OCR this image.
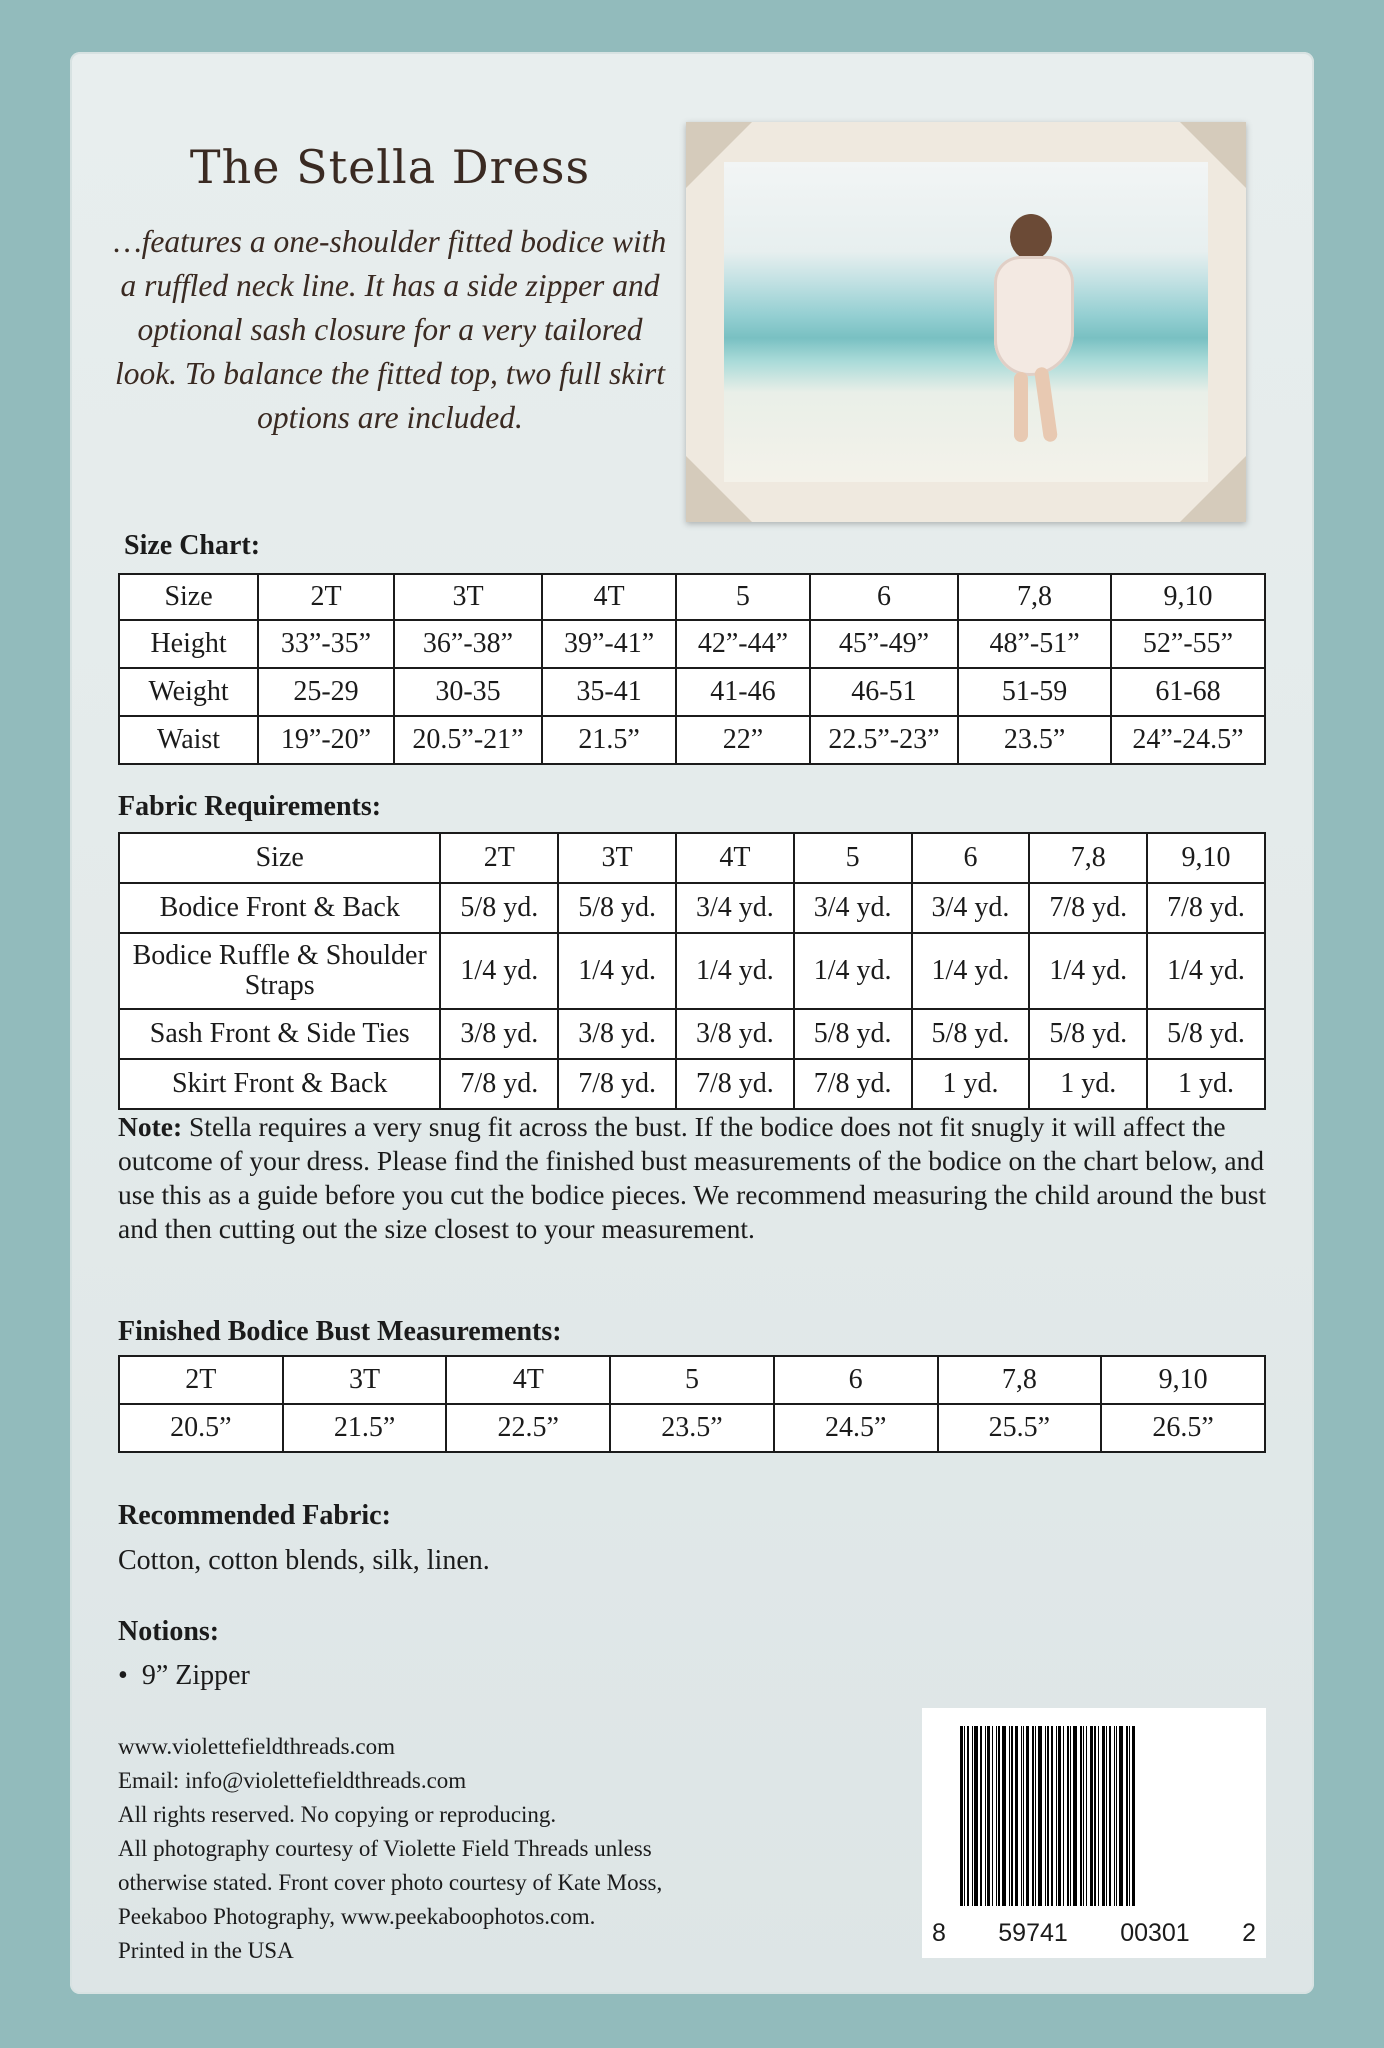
The Stella Dress
…features a one-shoulder fitted bodice with a ruffled neck line. It has a side zipper and optional sash closure for a very tailored look. To balance the fitted top, two full skirt options are included.
Size Chart:
Size	2T	3T	4T	5	6	7,8	9,10
Height	33”-35”	36”-38”	39”-41”	42”-44”	45”-49”	48”-51”	52”-55”
Weight	25-29	30-35	35-41	41-46	46-51	51-59	61-68
Waist	19”-20”	20.5”-21”	21.5”	22”	22.5”-23”	23.5”	24”-24.5”
Fabric Requirements:
Size	2T	3T	4T	5	6	7,8	9,10
Bodice Front & Back	5/8 yd.	5/8 yd.	3/4 yd.	3/4 yd.	3/4 yd.	7/8 yd.	7/8 yd.
Bodice Ruffle & Shoulder Straps	1/4 yd.	1/4 yd.	1/4 yd.	1/4 yd.	1/4 yd.	1/4 yd.	1/4 yd.
Sash Front & Side Ties	3/8 yd.	3/8 yd.	3/8 yd.	5/8 yd.	5/8 yd.	5/8 yd.	5/8 yd.
Skirt Front & Back	7/8 yd.	7/8 yd.	7/8 yd.	7/8 yd.	1 yd.	1 yd.	1 yd.
Note: Stella requires a very snug fit across the bust. If the bodice does not fit snugly it will affect the outcome of your dress. Please find the finished bust measurements of the bodice on the chart below, and use this as a guide before you cut the bodice pieces. We recommend measuring the child around the bust and then cutting out the size closest to your measurement.
Finished Bodice Bust Measurements:
2T	3T	4T	5	6	7,8	9,10
20.5”	21.5”	22.5”	23.5”	24.5”	25.5”	26.5”
Recommended Fabric:
Cotton, cotton blends, silk, linen.
Notions:
•  9” Zipper
www.violettefieldthreads.com
Email: info@violettefieldthreads.com
All rights reserved. No copying or reproducing.
All photography courtesy of Violette Field Threads unless
otherwise stated. Front cover photo courtesy of Kate Moss,
Peekaboo Photography, www.peekaboophotos.com.
Printed in the USA
8 59741 00301 2
